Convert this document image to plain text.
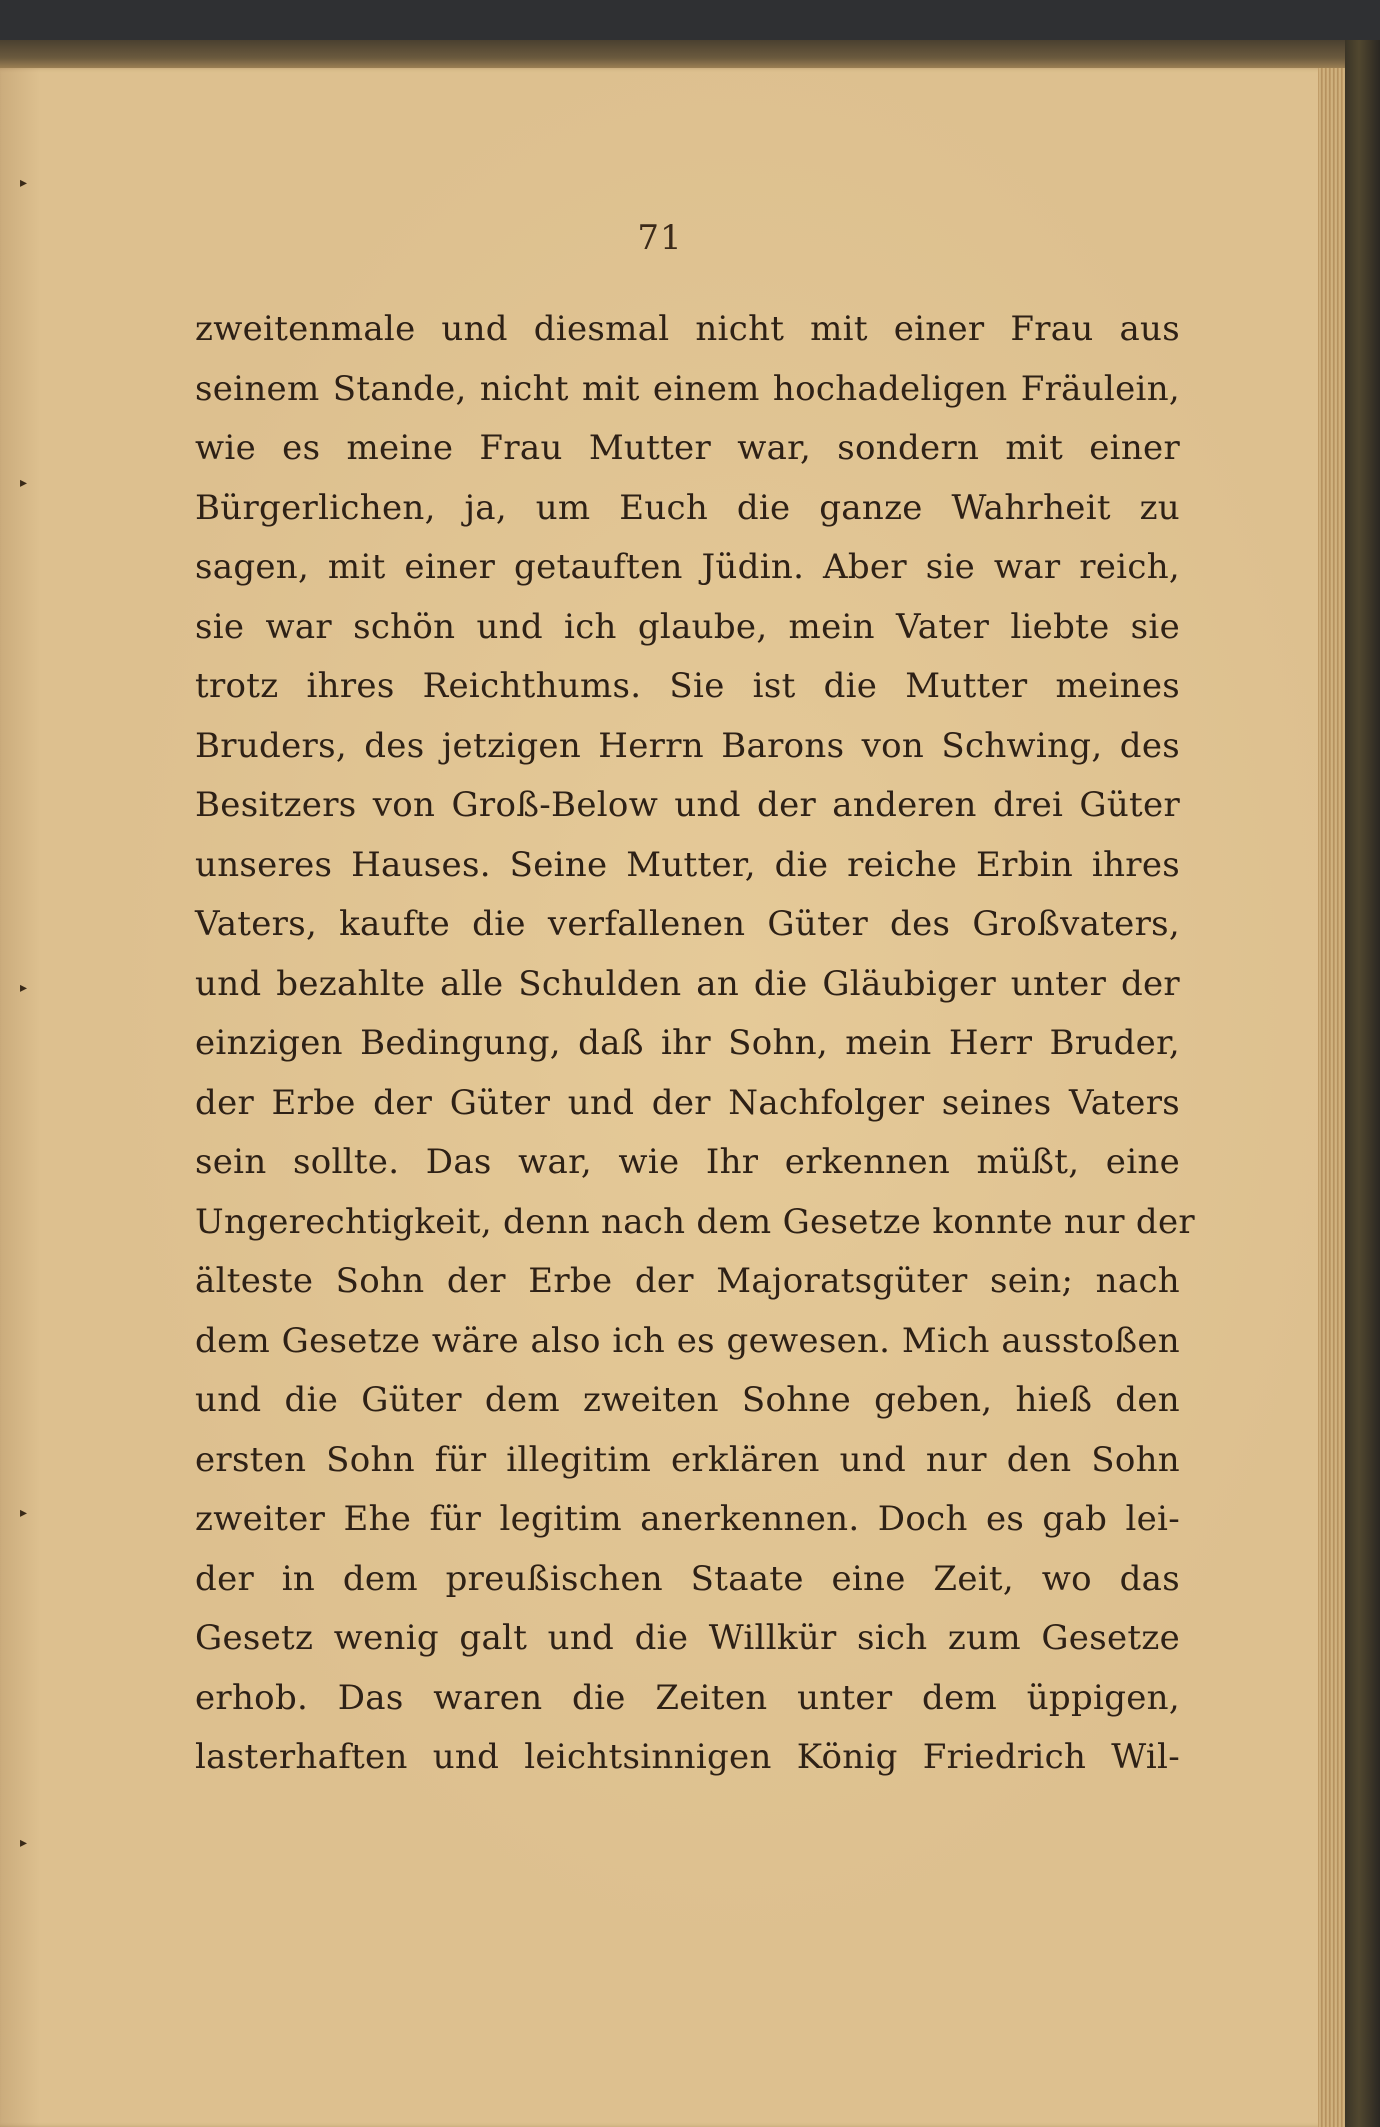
▸
▸
▸
▸
▸
71
zweitenmale und diesmal nicht mit einer Frau aus
seinem Stande, nicht mit einem hochadeligen Fräulein,
wie es meine Frau Mutter war, sondern mit einer
Bürgerlichen, ja, um Euch die ganze Wahrheit zu
sagen, mit einer getauften Jüdin. Aber sie war reich,
sie war schön und ich glaube, mein Vater liebte sie
trotz ihres Reichthums. Sie ist die Mutter meines
Bruders, des jetzigen Herrn Barons von Schwing, des
Besitzers von Groß-Below und der anderen drei Güter
unseres Hauses. Seine Mutter, die reiche Erbin ihres
Vaters, kaufte die verfallenen Güter des Großvaters,
und bezahlte alle Schulden an die Gläubiger unter der
einzigen Bedingung, daß ihr Sohn, mein Herr Bruder,
der Erbe der Güter und der Nachfolger seines Vaters
sein sollte. Das war, wie Ihr erkennen müßt, eine
Ungerechtigkeit, denn nach dem Gesetze konnte nur der
älteste Sohn der Erbe der Majoratsgüter sein; nach
dem Gesetze wäre also ich es gewesen. Mich ausstoßen
und die Güter dem zweiten Sohne geben, hieß den
ersten Sohn für illegitim erklären und nur den Sohn
zweiter Ehe für legitim anerkennen. Doch es gab lei-
der in dem preußischen Staate eine Zeit, wo das
Gesetz wenig galt und die Willkür sich zum Gesetze
erhob. Das waren die Zeiten unter dem üppigen,
lasterhaften und leichtsinnigen König Friedrich Wil-
